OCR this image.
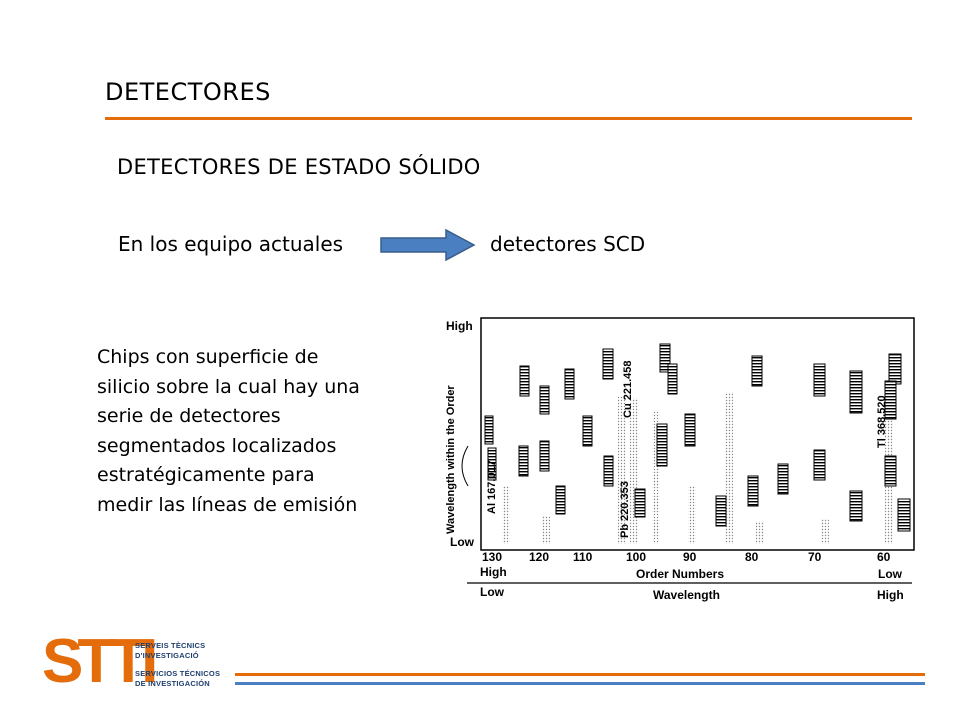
DETECTORES
DETECTORES DE ESTADO SÓLIDO
En los equipo actuales	detectores SCD
Chips con superficie de
silicio sobre la cual hay una
serie de detectores
segmentados localizados
estratégicamente para
medir las líneas de emisión
High
Low
Wavelength within the Order	Al 167.017	Pb 220.353
Cu 221.458
Tl 368.520
130 120 110	100	90	80	70	60
High	Order Numbers	Low
Low	Wavelength	High
STTI
SERVEIS TÈCNICS
D'INVESTIGACIÓ
SERVICIOS TÉCNICOS
DE INVESTIGACIÓN
